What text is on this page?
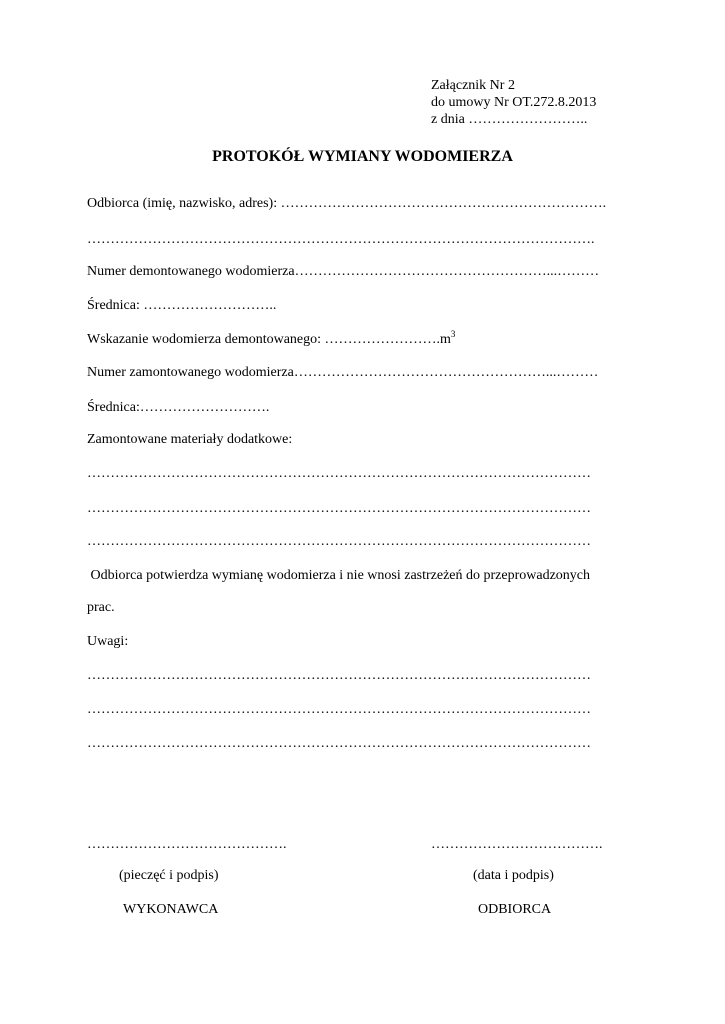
Załącznik Nr 2
do umowy Nr OT.272.8.2013
z dnia ……………………..
PROTOKÓŁ WYMIANY WODOMIERZA
Odbiorca (imię, nazwisko, adres): …………………………………………………………….
……………………………………………………………………………………………….
Numer demontowanego wodomierza………………………………………………...………
Średnica: ………………………..
Wskazanie wodomierza demontowanego: $\dots\dots\dots\dots\dots\dots\dots\dots.m^3$
Numer zamontowanego wodomierza………………………………………………...………
Średnica:……………………….
Zamontowane materiały dodatkowe:
………………………………………………………………………………………………
………………………………………………………………………………………………
………………………………………………………………………………………………
Odbiorca potwierdza wymianę wodomierza i nie wnosi zastrzeżeń do przeprowadzonych
prac.
Uwagi:
………………………………………………………………………………………………
………………………………………………………………………………………………
………………………………………………………………………………………………
…………………………………….
(pieczęć i podpis)
WYKONAWCA
……………………………….
(data i podpis)
ODBIORCA
